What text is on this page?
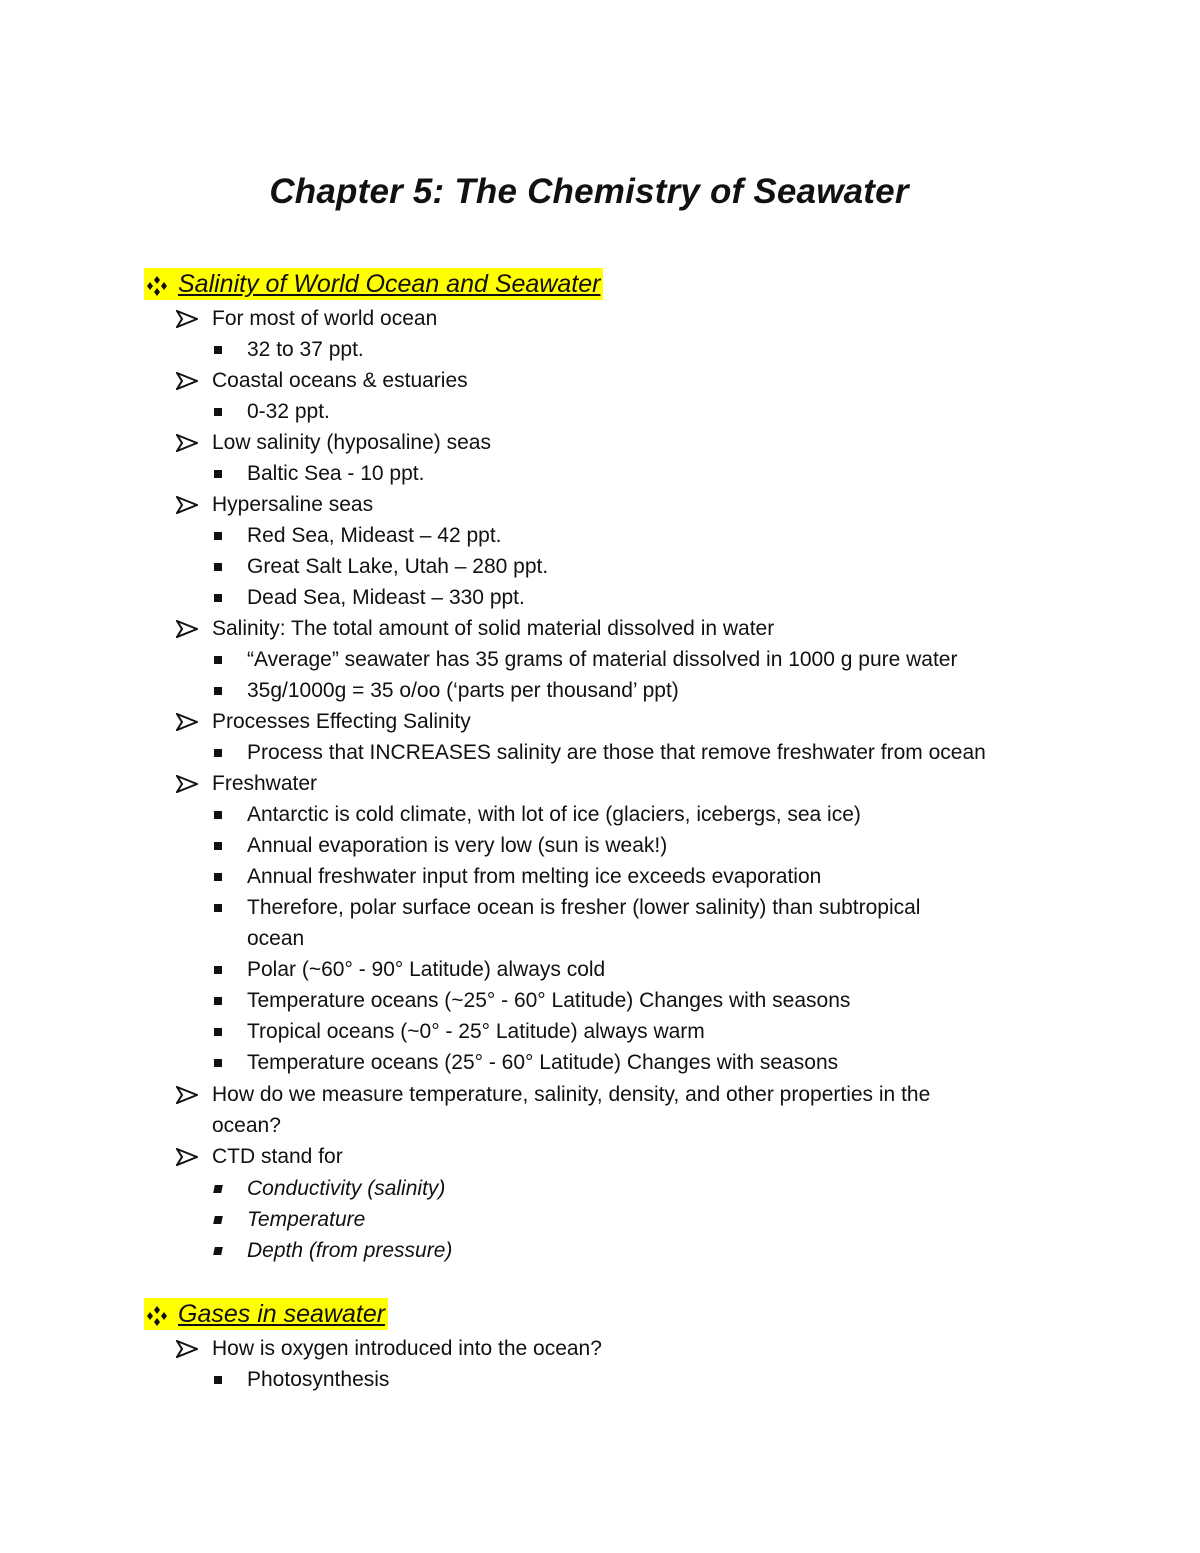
Chapter 5: The Chemistry of Seawater
Salinity of World Ocean and Seawater
For most of world ocean
32 to 37 ppt.
Coastal oceans & estuaries
0-32 ppt.
Low salinity (hyposaline) seas
Baltic Sea - 10 ppt.
Hypersaline seas
Red Sea, Mideast – 42 ppt.
Great Salt Lake, Utah – 280 ppt.
Dead Sea, Mideast – 330 ppt.
Salinity: The total amount of solid material dissolved in water
“Average” seawater has 35 grams of material dissolved in 1000 g pure water
35g/1000g = 35 o/oo (‘parts per thousand’ ppt)
Processes Effecting Salinity
Process that INCREASES salinity are those that remove freshwater from ocean
Freshwater
Antarctic is cold climate, with lot of ice (glaciers, icebergs, sea ice)
Annual evaporation is very low (sun is weak!)
Annual freshwater input from melting ice exceeds evaporation
Therefore, polar surface ocean is fresher (lower salinity) than subtropical
ocean
Polar (~60° - 90° Latitude) always cold
Temperature oceans (~25° - 60° Latitude) Changes with seasons
Tropical oceans (~0° - 25° Latitude) always warm
Temperature oceans (25° - 60° Latitude) Changes with seasons
How do we measure temperature, salinity, density, and other properties in the
ocean?
CTD stand for
Conductivity (salinity)
Temperature
Depth (from pressure)
Gases in seawater
How is oxygen introduced into the ocean?
Photosynthesis
